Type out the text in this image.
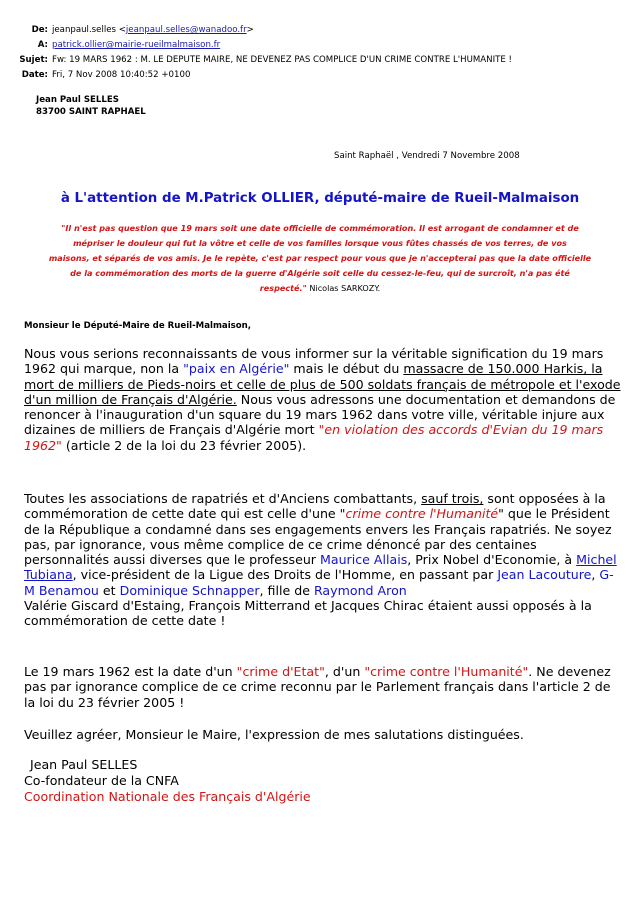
De: jeanpaul.selles <jeanpaul.selles@wanadoo.fr>
A: patrick.ollier@mairie-rueilmalmaison.fr
Sujet: Fw: 19 MARS 1962 : M. LE DEPUTE MAIRE, NE DEVENEZ PAS COMPLICE D'UN CRIME CONTRE L'HUMANITE !
Date: Fri, 7 Nov 2008 10:40:52 +0100
Jean Paul SELLES
83700 SAINT RAPHAEL
Saint Raphaël , Vendredi 7 Novembre 2008
à L'attention de M.Patrick OLLIER, député-maire de Rueil-Malmaison
"Il n'est pas question que 19 mars soit une date officielle de commémoration. Il est arrogant de condamner et de
mépriser le douleur qui fut la vôtre et celle de vos familles lorsque vous fûtes chassés de vos terres, de vos
maisons, et séparés de vos amis. Je le repète, c'est par respect pour vous que je n'accepterai pas que la date officielle
de la commémoration des morts de la guerre d'Algérie soit celle du cessez-le-feu, qui de surcroît, n'a pas été
respecté." Nicolas SARKOZY.
Monsieur le Député-Maire de Rueil-Malmaison,

Nous vous serions reconnaissants de vous informer sur la véritable signification du 19 mars 1962 qui marque, non la "paix en Algérie" mais le début du massacre de 150.000 Harkis, la mort de milliers de Pieds-noirs et celle de plus de 500 soldats français de métropole et l'exode d'un million de Français d'Algérie. Nous vous adressons une documentation et demandons de renoncer à l'inauguration d'un square du 19 mars 1962 dans votre ville, véritable injure aux dizaines de milliers de Français d'Algérie mort "en violation des accords d'Evian du 19 mars 1962" (article 2 de la loi du 23 février 2005).

Toutes les associations de rapatriés et d'Anciens combattants, sauf trois, sont opposées à la commémoration de cette date qui est celle d'une "crime contre l'Humanité" que le Président de la République a condamné dans ses engagements envers les Français rapatriés. Ne soyez pas, par ignorance, vous même complice de ce crime dénoncé par des centaines personnalités aussi diverses que le professeur Maurice Allais, Prix Nobel d'Economie, à Michel Tubiana, vice-président de la Ligue des Droits de l'Homme, en passant par Jean Lacouture, G-M Benamou et Dominique Schnapper, fille de Raymond Aron

Valérie Giscard d'Estaing, François Mitterrand et Jacques Chirac étaient aussi opposés à la commémoration de cette date !

Le 19 mars 1962 est la date d'un "crime d'Etat", d'un "crime contre l'Humanité". Ne devenez pas par ignorance complice de ce crime reconnu par le Parlement français dans l'article 2 de la loi du 23 février 2005 !

Veuillez agréer, Monsieur le Maire, l'expression de mes salutations distinguées.

Jean Paul SELLES
Co-fondateur de la CNFA
Coordination Nationale des Français d'Algérie
